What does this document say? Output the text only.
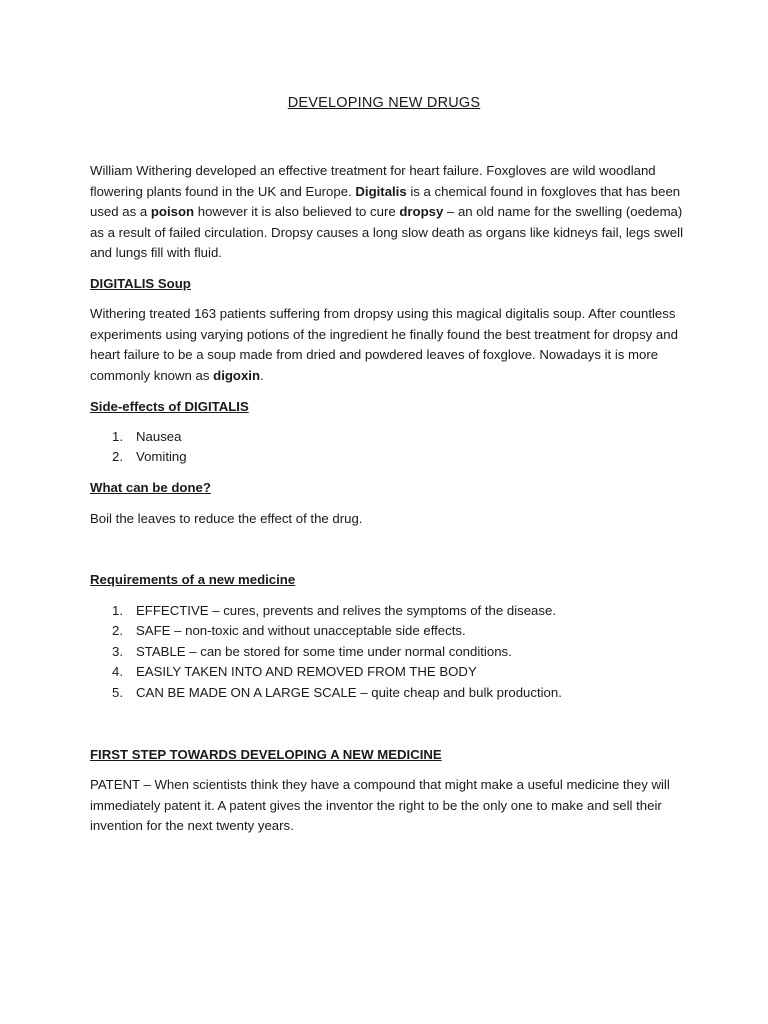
DEVELOPING NEW DRUGS

William Withering developed an effective treatment for heart failure. Foxgloves are wild woodland flowering plants found in the UK and Europe. Digitalis is a chemical found in foxgloves that has been used as a poison however it is also believed to cure dropsy – an old name for the swelling (oedema) as a result of failed circulation. Dropsy causes a long slow death as organs like kidneys fail, legs swell and lungs fill with fluid.

DIGITALIS Soup

Withering treated 163 patients suffering from dropsy using this magical digitalis soup. After countless experiments using varying potions of the ingredient he finally found the best treatment for dropsy and heart failure to be a soup made from dried and powdered leaves of foxglove. Nowadays it is more commonly known as digoxin.

Side-effects of DIGITALIS

1. Nausea
2. Vomiting

What can be done?

Boil the leaves to reduce the effect of the drug.

Requirements of a new medicine

1. EFFECTIVE – cures, prevents and relives the symptoms of the disease.
2. SAFE – non-toxic and without unacceptable side effects.
3. STABLE – can be stored for some time under normal conditions.
4. EASILY TAKEN INTO AND REMOVED FROM THE BODY
5. CAN BE MADE ON A LARGE SCALE – quite cheap and bulk production.

FIRST STEP TOWARDS DEVELOPING A NEW MEDICINE

PATENT – When scientists think they have a compound that might make a useful medicine they will immediately patent it. A patent gives the inventor the right to be the only one to make and sell their invention for the next twenty years.
